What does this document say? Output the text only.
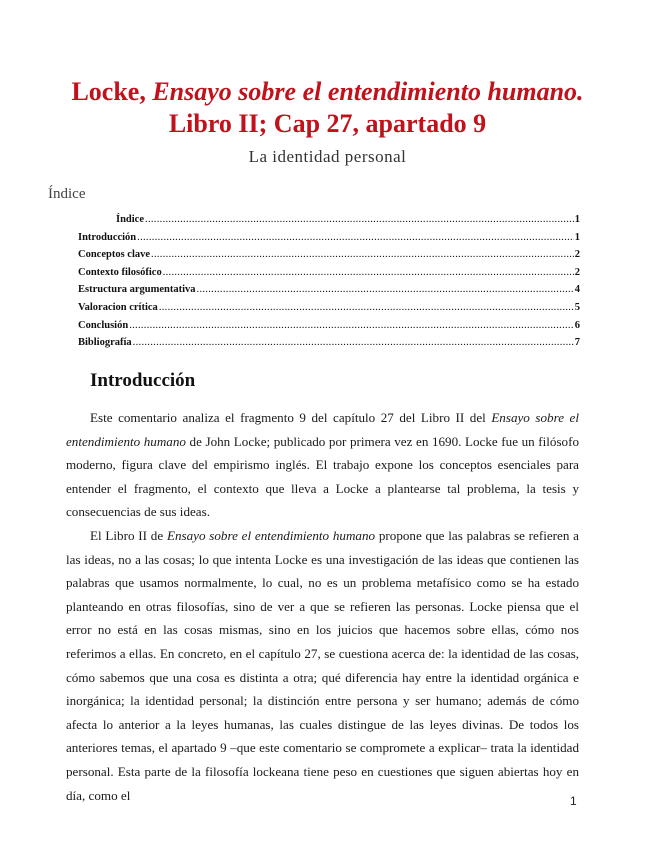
Locke, Ensayo sobre el entendimiento humano.
Libro II; Cap 27, apartado 9
La identidad personal
Índice
Índice .....	1
Introducción .....	1
Conceptos clave .....	2
Contexto filosófico .....	2
Estructura argumentativa .....	4
Valoracion crítica .....	5
Conclusión .....	6
Bibliografía .....	7
Introducción

Este comentario analiza el fragmento 9 del capítulo 27 del Libro II del Ensayo sobre el entendimiento humano de John Locke; publicado por primera vez en 1690. Locke fue un filósofo moderno, figura clave del empirismo inglés. El trabajo expone los conceptos esenciales para entender el fragmento, el contexto que lleva a Locke a plantearse tal problema, la tesis y consecuencias de sus ideas.

El Libro II de Ensayo sobre el entendimiento humano propone que las palabras se refieren a las ideas, no a las cosas; lo que intenta Locke es una investigación de las ideas que contienen las palabras que usamos normalmente, lo cual, no es un problema metafísico como se ha estado planteando en otras filosofías, sino de ver a que se refieren las personas. Locke piensa que el error no está en las cosas mismas, sino en los juicios que hacemos sobre ellas, cómo nos referimos a ellas. En concreto, en el capítulo 27, se cuestiona acerca de: la identidad de las cosas, cómo sabemos que una cosa es distinta a otra; qué diferencia hay entre la identidad orgánica e inorgánica; la identidad personal; la distinción entre persona y ser humano; además de cómo afecta lo anterior a la leyes humanas, las cuales distingue de las leyes divinas. De todos los anteriores temas, el apartado 9 –que este comentario se compromete a explicar– trata la identidad personal. Esta parte de la filosofía lockeana tiene peso en cuestiones que siguen abiertas hoy en día, como el	1
